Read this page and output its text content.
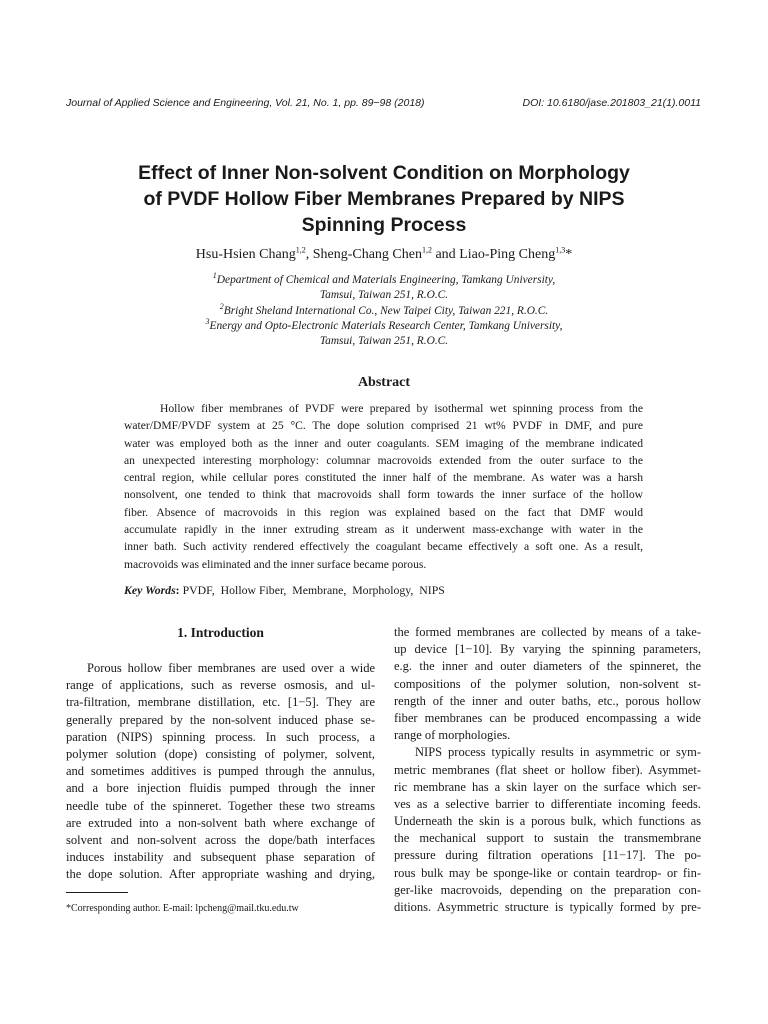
Journal of Applied Science and Engineering, Vol. 21, No. 1, pp. 89−98 (2018)	DOI: 10.6180/jase.201803_21(1).0011
Effect of Inner Non-solvent Condition on Morphology
of PVDF Hollow Fiber Membranes Prepared by NIPS
Spinning Process
Hsu-Hsien Chang$^{1,2}$, Sheng-Chang Chen$^{1,2}$ and Liao-Ping Cheng$^{1,3}$*

$^1$Department of Chemical and Materials Engineering, Tamkang University,

Tamsui, Taiwan 251, R.O.C.

$^2$Bright Sheland International Co., New Taipei City, Taiwan 221, R.O.C.

$^3$Energy and Opto-Electronic Materials Research Center, Tamkang University,

Tamsui, Taiwan 251, R.O.C.

Abstract
Hollow fiber membranes of PVDF were prepared by isothermal wet spinning process from the
water/DMF/PVDF system at 25 °C. The dope solution comprised 21 wt% PVDF in DMF, and pure
water was employed both as the inner and outer coagulants. SEM imaging of the membrane indicated
an unexpected interesting morphology: columnar macrovoids extended from the outer surface to the
central region, while cellular pores constituted the inner half of the membrane. As water was a harsh
nonsolvent, one tended to think that macrovoids shall form towards the inner surface of the hollow
fiber. Absence of macrovoids in this region was explained based on the fact that DMF would
accumulate rapidly in the inner extruding stream as it underwent mass-exchange with water in the
inner bath. Such activity rendered effectively the coagulant became effectively a soft one. As a result,
macrovoids was eliminated and the inner surface became porous.
Key Words: PVDF,  Hollow Fiber,  Membrane,  Morphology,  NIPS
1. Introduction
Porous hollow fiber membranes are used over a wide
range of applications, such as reverse osmosis, and ul-
tra-filtration, membrane distillation, etc. [1−5]. They are
generally prepared by the non-solvent induced phase se-
paration (NIPS) spinning process. In such process, a
polymer solution (dope) consisting of polymer, solvent,
and sometimes additives is pumped through the annulus,
and a bore injection fluidis pumped through the inner
needle tube of the spinneret. Together these two streams
are extruded into a non-solvent bath where exchange of
solvent and non-solvent across the dope/bath interfaces
induces instability and subsequent phase separation of
the dope solution. After appropriate washing and drying,
the formed membranes are collected by means of a take-
up device [1−10]. By varying the spinning parameters,
e.g. the inner and outer diameters of the spinneret, the
compositions of the polymer solution, non-solvent st-
rength of the inner and outer baths, etc., porous hollow
fiber membranes can be produced encompassing a wide
range of morphologies.
NIPS process typically results in asymmetric or sym-
metric membranes (flat sheet or hollow fiber). Asymmet-
ric membrane has a skin layer on the surface which ser-
ves as a selective barrier to differentiate incoming feeds.
Underneath the skin is a porous bulk, which functions as
the mechanical support to sustain the transmembrane
pressure during filtration operations [11−17]. The po-
rous bulk may be sponge-like or contain teardrop- or fin-
ger-like macrovoids, depending on the preparation con-
ditions. Asymmetric structure is typically formed by pre-
*Corresponding author. E-mail: lpcheng@mail.tku.edu.tw
